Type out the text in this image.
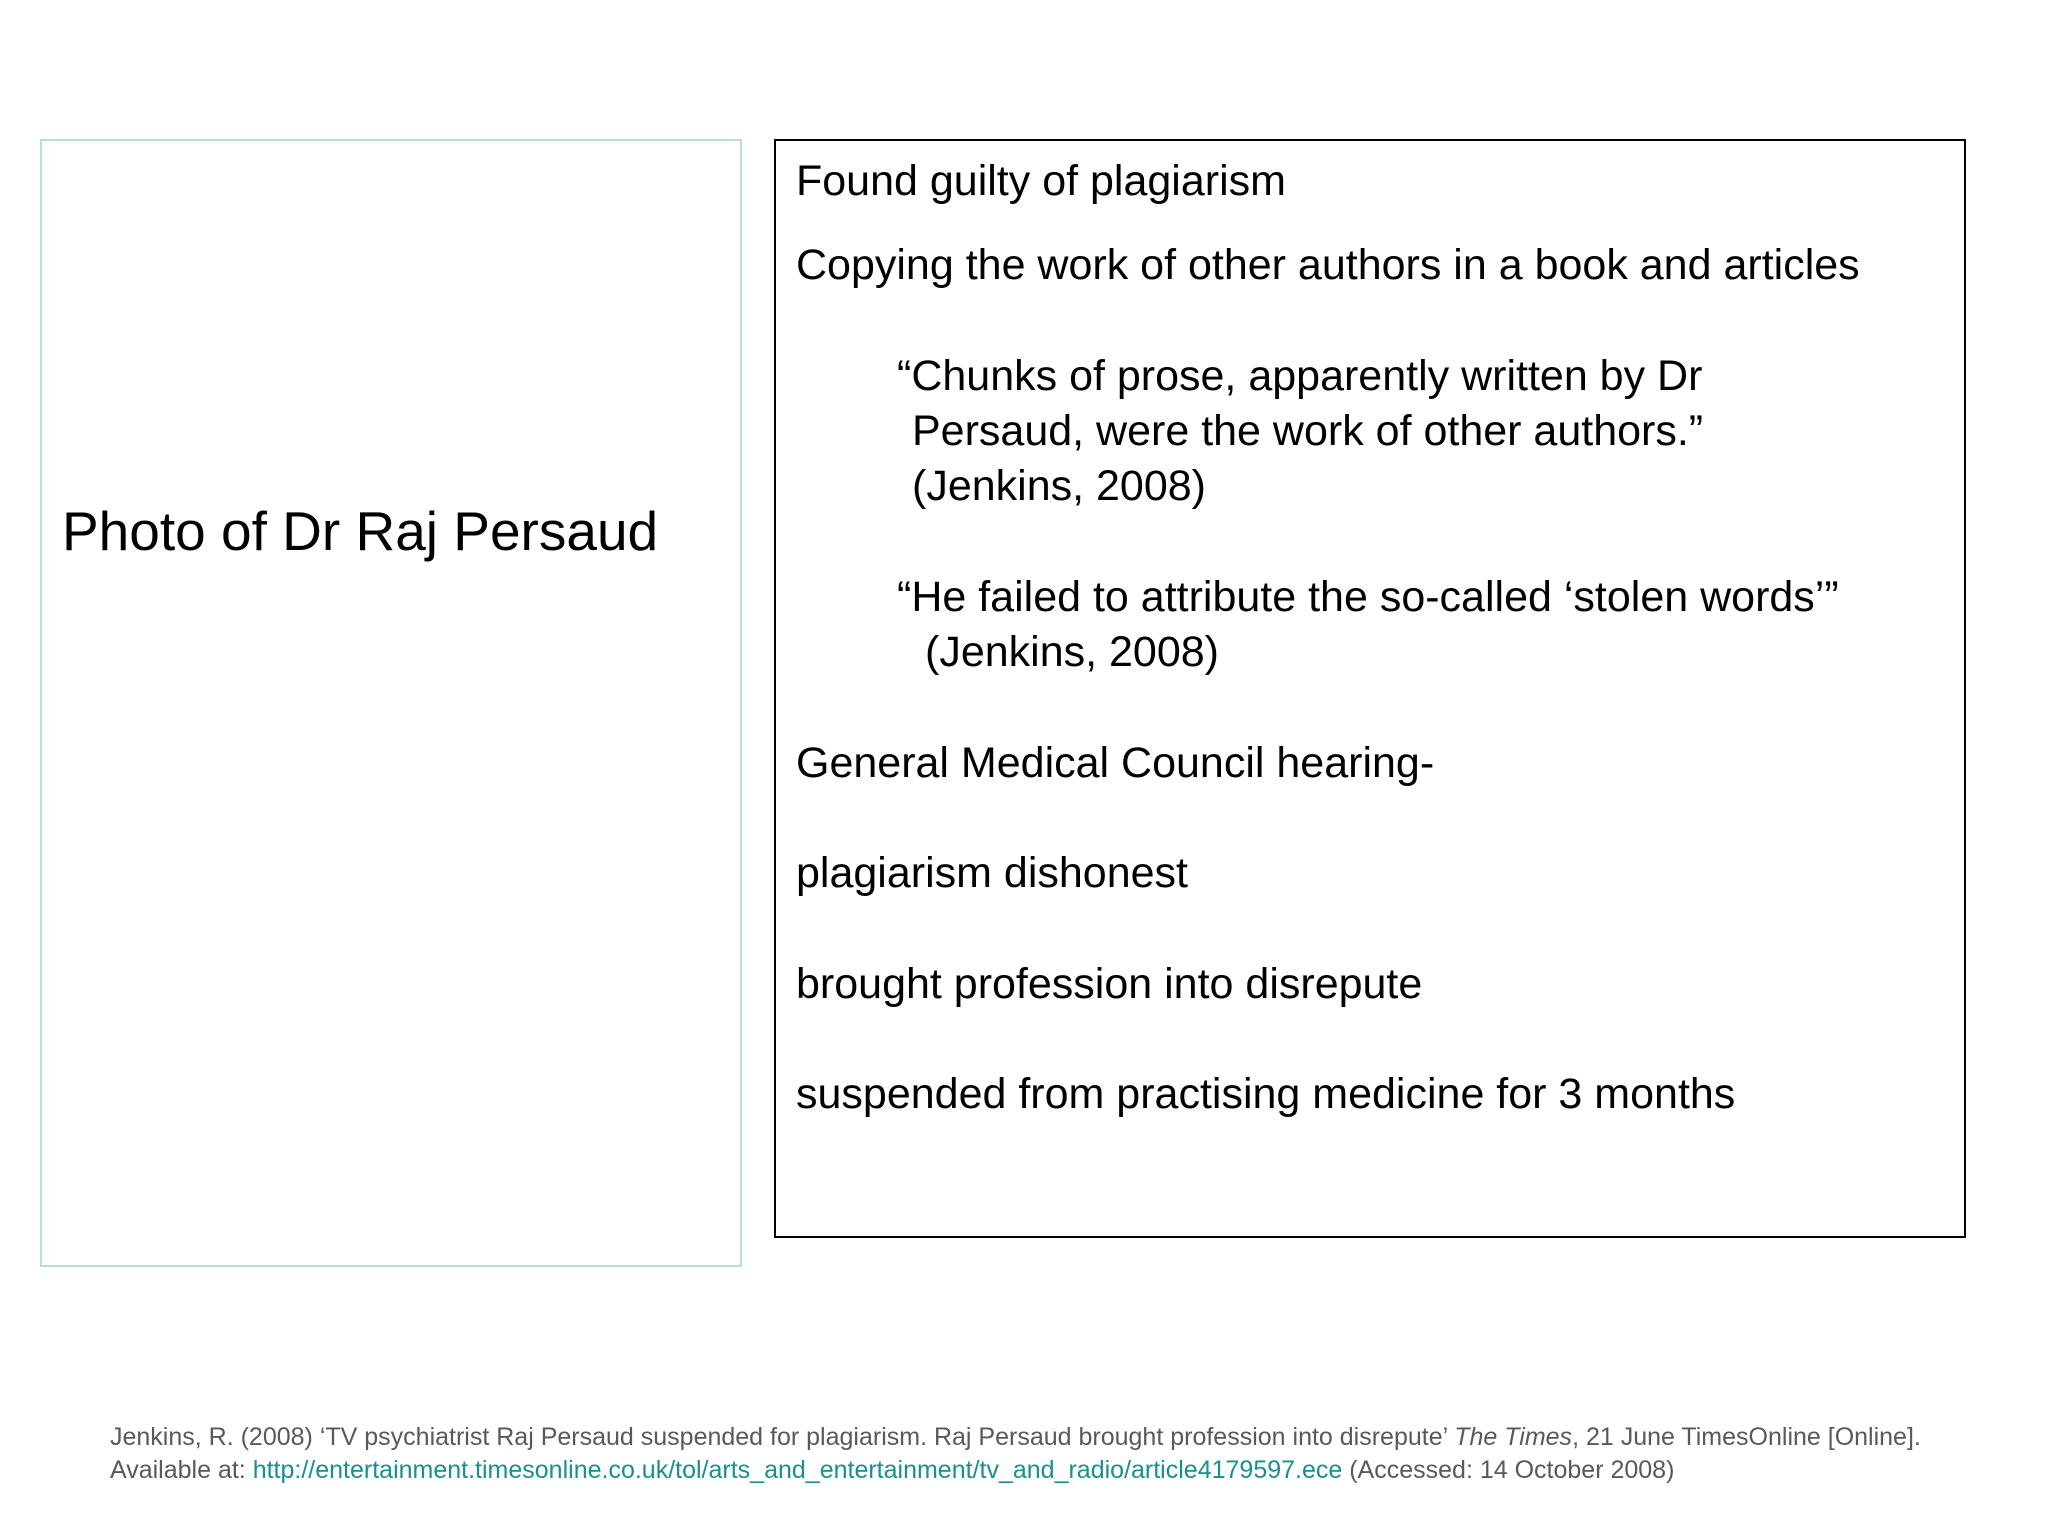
Photo of Dr Raj Persaud
Found guilty of plagiarism
Copying the work of other authors in a book and articles
“Chunks of prose, apparently written by Dr
Persaud, were the work of other authors.”
(Jenkins, 2008)
“He failed to attribute the so-called ‘stolen words’”
(Jenkins, 2008)
General Medical Council hearing-
plagiarism dishonest
brought profession into disrepute
suspended from practising medicine for 3 months
Jenkins, R. (2008) ‘TV psychiatrist Raj Persaud suspended for plagiarism. Raj Persaud brought profession into disrepute’ The Times, 21 June TimesOnline [Online]. Available at: http://entertainment.timesonline.co.uk/tol/arts_and_entertainment/tv_and_radio/article4179597.ece (Accessed: 14 October 2008)
